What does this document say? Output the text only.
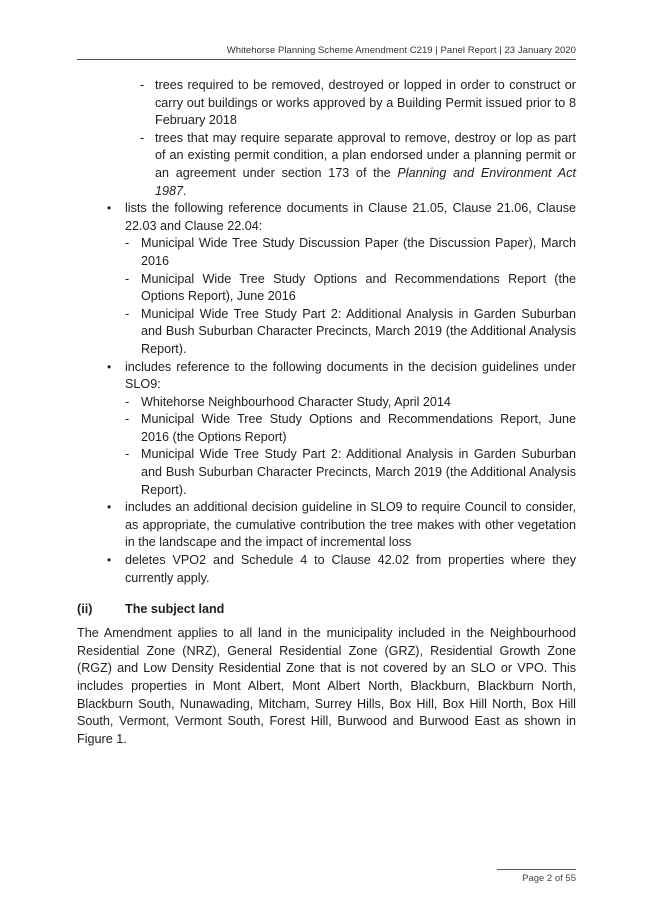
Whitehorse Planning Scheme Amendment C219 | Panel Report | 23 January 2020
- trees required to be removed, destroyed or lopped in order to construct or carry out buildings or works approved by a Building Permit issued prior to 8 February 2018
- trees that may require separate approval to remove, destroy or lop as part of an existing permit condition, a plan endorsed under a planning permit or an agreement under section 173 of the Planning and Environment Act 1987.
• lists the following reference documents in Clause 21.05, Clause 21.06, Clause 22.03 and Clause 22.04:
- Municipal Wide Tree Study Discussion Paper (the Discussion Paper), March 2016
- Municipal Wide Tree Study Options and Recommendations Report (the Options Report), June 2016
- Municipal Wide Tree Study Part 2: Additional Analysis in Garden Suburban and Bush Suburban Character Precincts, March 2019 (the Additional Analysis Report).
• includes reference to the following documents in the decision guidelines under SLO9:
- Whitehorse Neighbourhood Character Study, April 2014
- Municipal Wide Tree Study Options and Recommendations Report, June 2016 (the Options Report)
- Municipal Wide Tree Study Part 2: Additional Analysis in Garden Suburban and Bush Suburban Character Precincts, March 2019 (the Additional Analysis Report).
• includes an additional decision guideline in SLO9 to require Council to consider, as appropriate, the cumulative contribution the tree makes with other vegetation in the landscape and the impact of incremental loss
• deletes VPO2 and Schedule 4 to Clause 42.02 from properties where they currently apply.
(ii)	The subject land
The Amendment applies to all land in the municipality included in the Neighbourhood Residential Zone (NRZ), General Residential Zone (GRZ), Residential Growth Zone (RGZ) and Low Density Residential Zone that is not covered by an SLO or VPO. This includes properties in Mont Albert, Mont Albert North, Blackburn, Blackburn North, Blackburn South, Nunawading, Mitcham, Surrey Hills, Box Hill, Box Hill North, Box Hill South, Vermont, Vermont South, Forest Hill, Burwood and Burwood East as shown in Figure 1.
Page 2 of 55
